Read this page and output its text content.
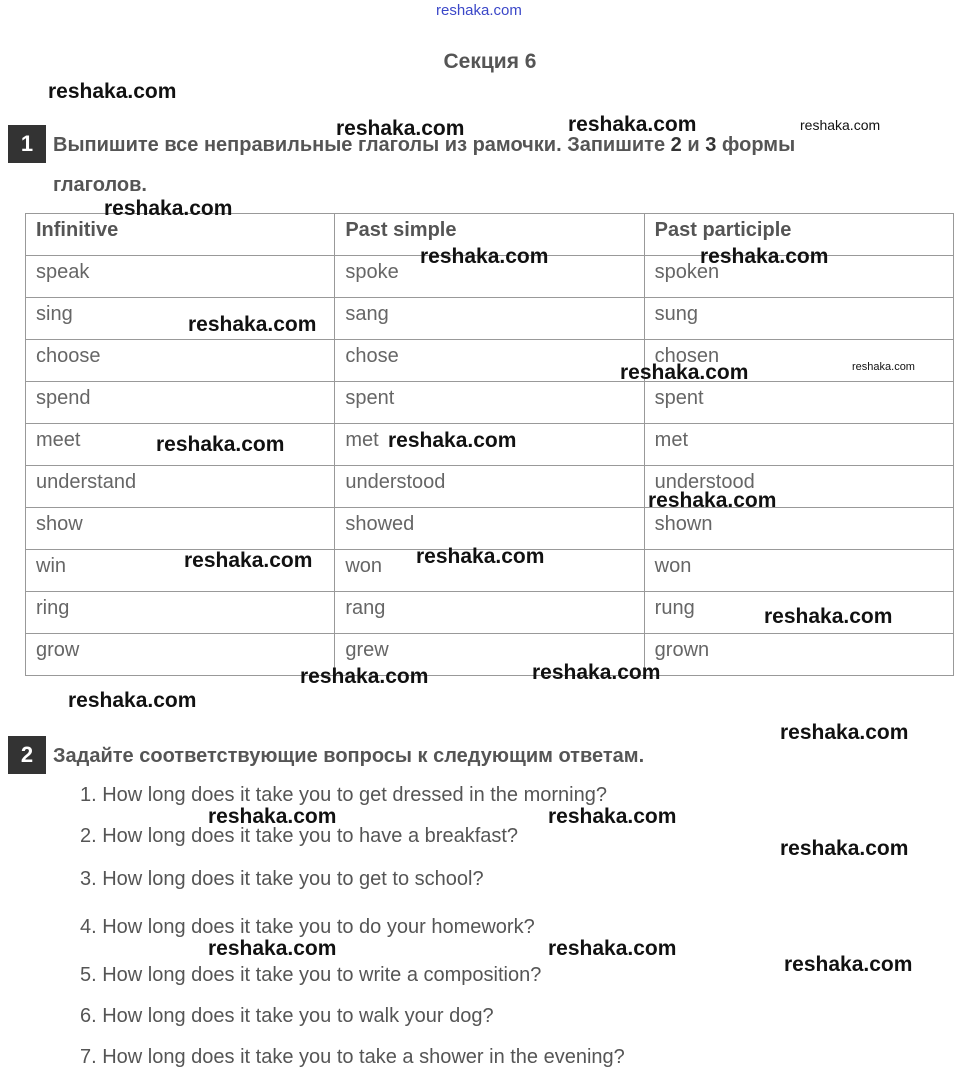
reshaka.com
Секция 6
1 Выпишите все неправильные глаголы из рамочки. Запишите 2 и 3 формы
глаголов.
Infinitive	Past simple	Past participle
speak	spoke	spoken
sing	sang	sung
choose	chose	chosen
spend	spent	spent
meet	met	met
understand	understood	understood
show	showed	shown
win	won	won
ring	rang	rung
grow	grew	grown
2 Задайте соответствующие вопросы к следующим ответам.
1. How long does it take you to get dressed in the morning?
2. How long does it take you to have a breakfast?
3. How long does it take you to get to school?
4. How long does it take you to do your homework?
5. How long does it take you to write a composition?
6. How long does it take you to walk your dog?
7. How long does it take you to take a shower in the evening?
reshaka.com
reshaka.com	reshaka.com	reshaka.com
reshaka.com
reshaka.com	reshaka.com
reshaka.com
reshaka.com	reshaka.com
reshaka.com	reshaka.com
reshaka.com
reshaka.com	reshaka.com
reshaka.com
reshaka.com	reshaka.com
reshaka.com
reshaka.com
reshaka.com	reshaka.com
reshaka.com
reshaka.com	reshaka.com
reshaka.com
